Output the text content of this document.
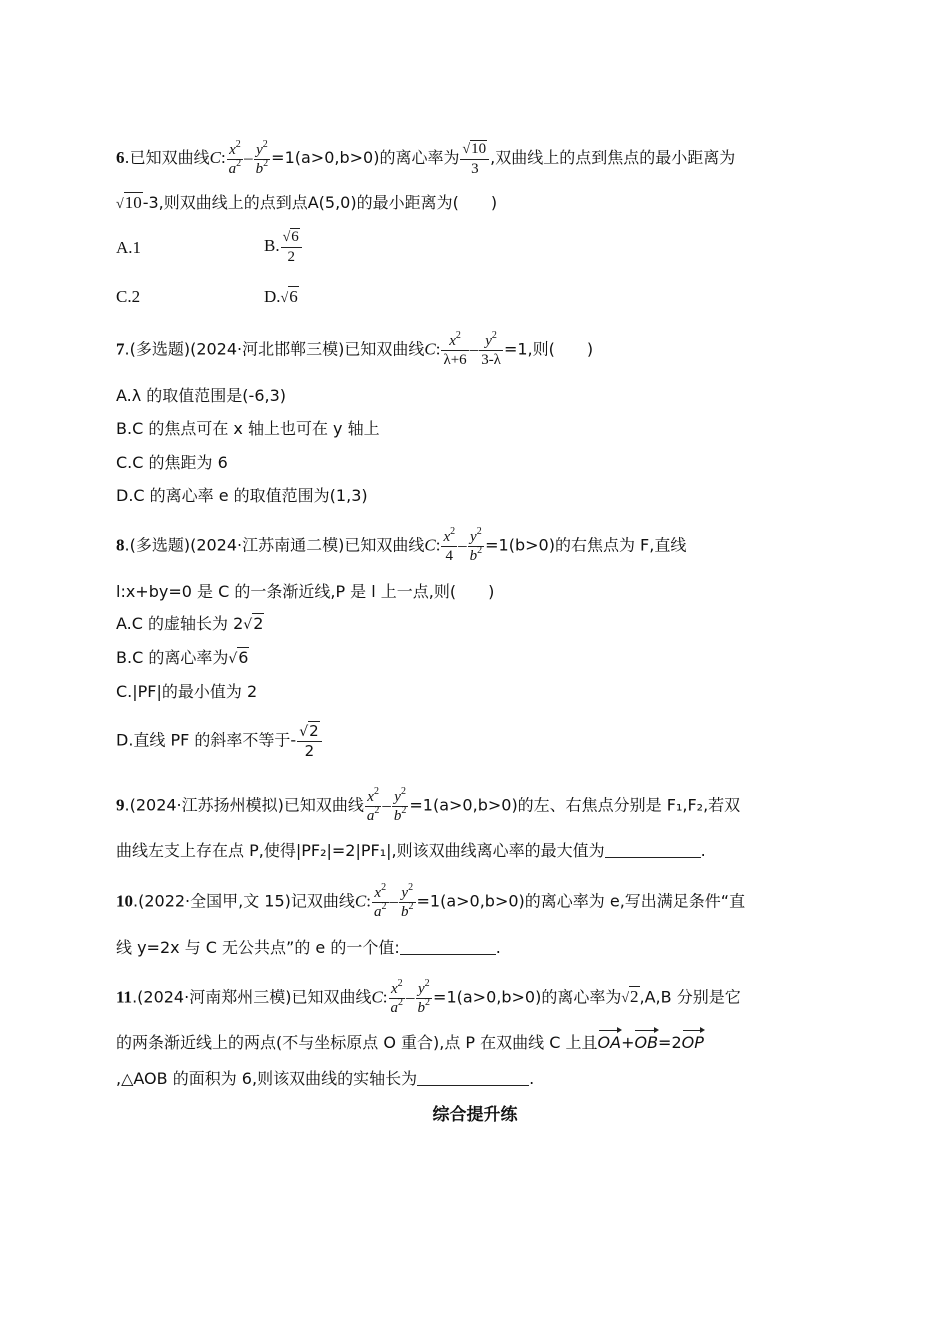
6.已知双曲线C: $\frac{x^2}{a^2} - \frac{y^2}{b^2} =1(a>0,b>0)$的离心率为 $\frac{√10}{3}$ ,双曲线上的点到焦点的最小距离为
√10-3,则双曲线上的点到点A(5,0)的最小距离为(　　)
A.1	B. $\frac{√6}{2}$
C.2	D.√6
7.(多选题)(2024·河北邯郸三模)已知双曲线C: $\frac{x^2}{\lambda+6} - \frac{y^2}{3-\lambda} =1$,则(　　)
A.λ 的取值范围是(-6,3)
B.C 的焦点可在 x 轴上也可在 y 轴上
C.C 的焦距为 6
D.C 的离心率 e 的取值范围为(1,3)
8.(多选题)(2024·江苏南通二模)已知双曲线C: $\frac{x^2}{4} - \frac{y^2}{b^2} =1(b>0)$的右焦点为 F,直线
l:x+by=0 是 C 的一条渐近线,P 是 l 上一点,则(　　)
A.C 的虚轴长为 2√2
B.C 的离心率为√6
C.|PF|的最小值为 2
D.直线 PF 的斜率不等于- $\frac{√2}{2}$
9.(2024·江苏扬州模拟)已知双曲线 $\frac{x^2}{a^2} - \frac{y^2}{b^2} =1(a>0,b>0)$的左、右焦点分别是 F₁,F₂,若双
曲线左支上存在点 P,使得|PF₂|=2|PF₁|,则该双曲线离心率的最大值为	.
10.(2022·全国甲,文 15)记双曲线C: $\frac{x^2}{a^2} - \frac{y^2}{b^2} =1(a>0,b>0)$的离心率为 e,写出满足条件“直
线 y=2x 与 C 无公共点”的 e 的一个值:	.
11.(2024·河南郑州三模)已知双曲线C: $\frac{x^2}{a^2} - \frac{y^2}{b^2} =1(a>0,b>0)$的离心率为√2,A,B 分别是它
的两条渐近线上的两点(不与坐标原点 O 重合),点 P 在双曲线 C 上且OA+OB=2OP
,△AOB 的面积为 6,则该双曲线的实轴长为	.
综合提升练
